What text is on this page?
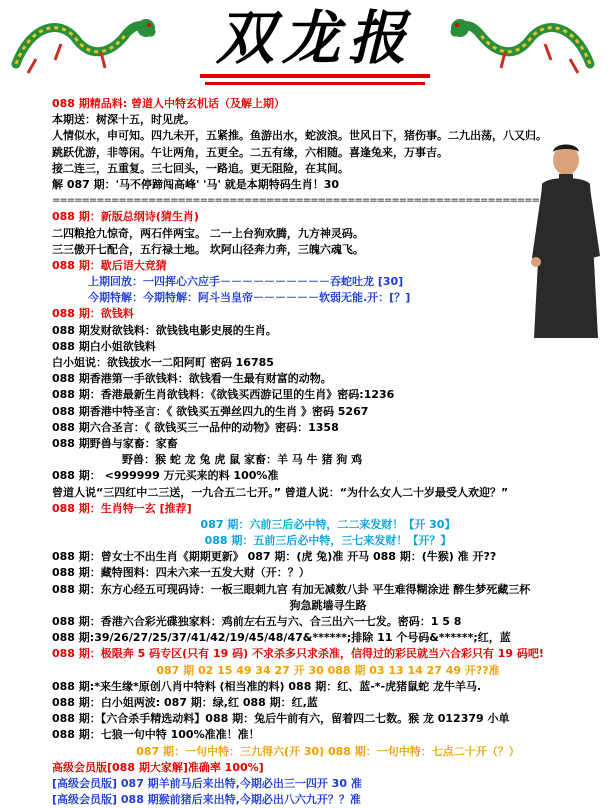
双龙报
088 期精品料: 曾道人中特玄机话（及解上期）
本期送：树深十五，时见虎。
人情似水，申可知。四九未开，五紧推。鱼游出水，蛇波浪。世风日下，猪伤事。二九出荡，八又归。
跳跃优游，非等闲。午让两角，五更全。二五有缘，六相随。喜逢兔来，万事吉。
接二连三，五重复。三七回头，一路追。更无阻险，在其间。
解 087 期：'马不停蹄闯高峰' '马' 就是本期特码生肖！30
==================================================================
088 期：新版总纲诗(猜生肖)
二四粮抢九惊奇，两石伴两宝。 二一上台狗欢腾，九方神灵码。
三三傲开七配合，五行禄土地。 坎阿山径奔力奔，三魄六魂飞。
088 期：歇后语大竞猜
上期回放：一四挥心六应手－－－－－－－－－－吞蛇吐龙 [30]
今期特解：今期特解：阿斗当皇帝－－－－－－软弱无能.开：[？]
088 期：欲钱料
088 期发财欲钱料：欲钱钱电影史展的生肖。
088 期白小姐欲钱料
白小姐说：欲钱拔水一二阳阿町 密码 16785
088 期香港第一手欲钱料：欲钱看一生最有财富的动物。
088 期：香港最新生肖欲钱料：《欲钱买西游记里的生肖》密码:1236
088 期香港中特圣言：《 欲钱买五弹丝四九的生肖 》密码 5267
088 期六合圣言：《 欲钱买三一品仲的动物》密码：1358
088 期野兽与家畜：家畜
野兽：猴 蛇 龙 兔 虎 鼠 家畜：羊 马 牛 猪 狗 鸡
088 期： <999999 万元买来的料 100%准
曾道人说“三四红中二三送，一九合五二七开。” 曾道人说：“为什么女人二十岁最受人欢迎？”
088 期：生肖特一玄 [推荐]
087 期：六前三后必中特，二二来发财！【开 30】
088 期：五前三后必中特，三七来发财！【开？】
088 期：曾女士不出生肖《期期更新》 087 期：(虎 兔)准 开马 088 期：(牛猴) 准 开??
088 期：藏特图料：四未六来一五发大财（开：？）
088 期：东方心经五可现码诗：一板三眼刺九宫 有加无减数八卦 平生难得糊涂进 醉生梦死藏三杯
狗急跳墙寻生路
088 期：香港六合彩光碟独家料：鸡前左右五与六、合三出六一七发。密码：1 5 8
088 期:39/26/27/25/37/41/42/19/45/48/47&******;排除 11 个号码&******;红，蓝
088 期：极限奔 5 码专区(只有 19 码) 不求杀多只求杀准，信得过的彩民就当六合彩只有 19 码吧!
087 期 02 15 49 34 27 开 30 088 期 03 13 14 27 49 开??准
088 期:*来生缘*原创八肖中特料 (相当准的料) 088 期：红、蓝-*-虎猪鼠蛇 龙牛羊马.
088 期：白小姐两波: 087 期：绿,红 088 期：红,蓝
088 期：【六合杀手精选动料】088 期：兔后牛前有六，留着四二七数。猴 龙 012379 小单
088 期：七狼一句中特 100%准准！准！
087 期：一句中特：三九得六(开 30) 088 期：一句中特：七点二十开（？）
高级会员版[088 期大家解]准确率 100%]
[高级会员版] 087 期羊前马后来出特,今期必出三一四开 30 准
[高级会员版] 088 期猴前猪后来出特,今期必出八六九开？？准
